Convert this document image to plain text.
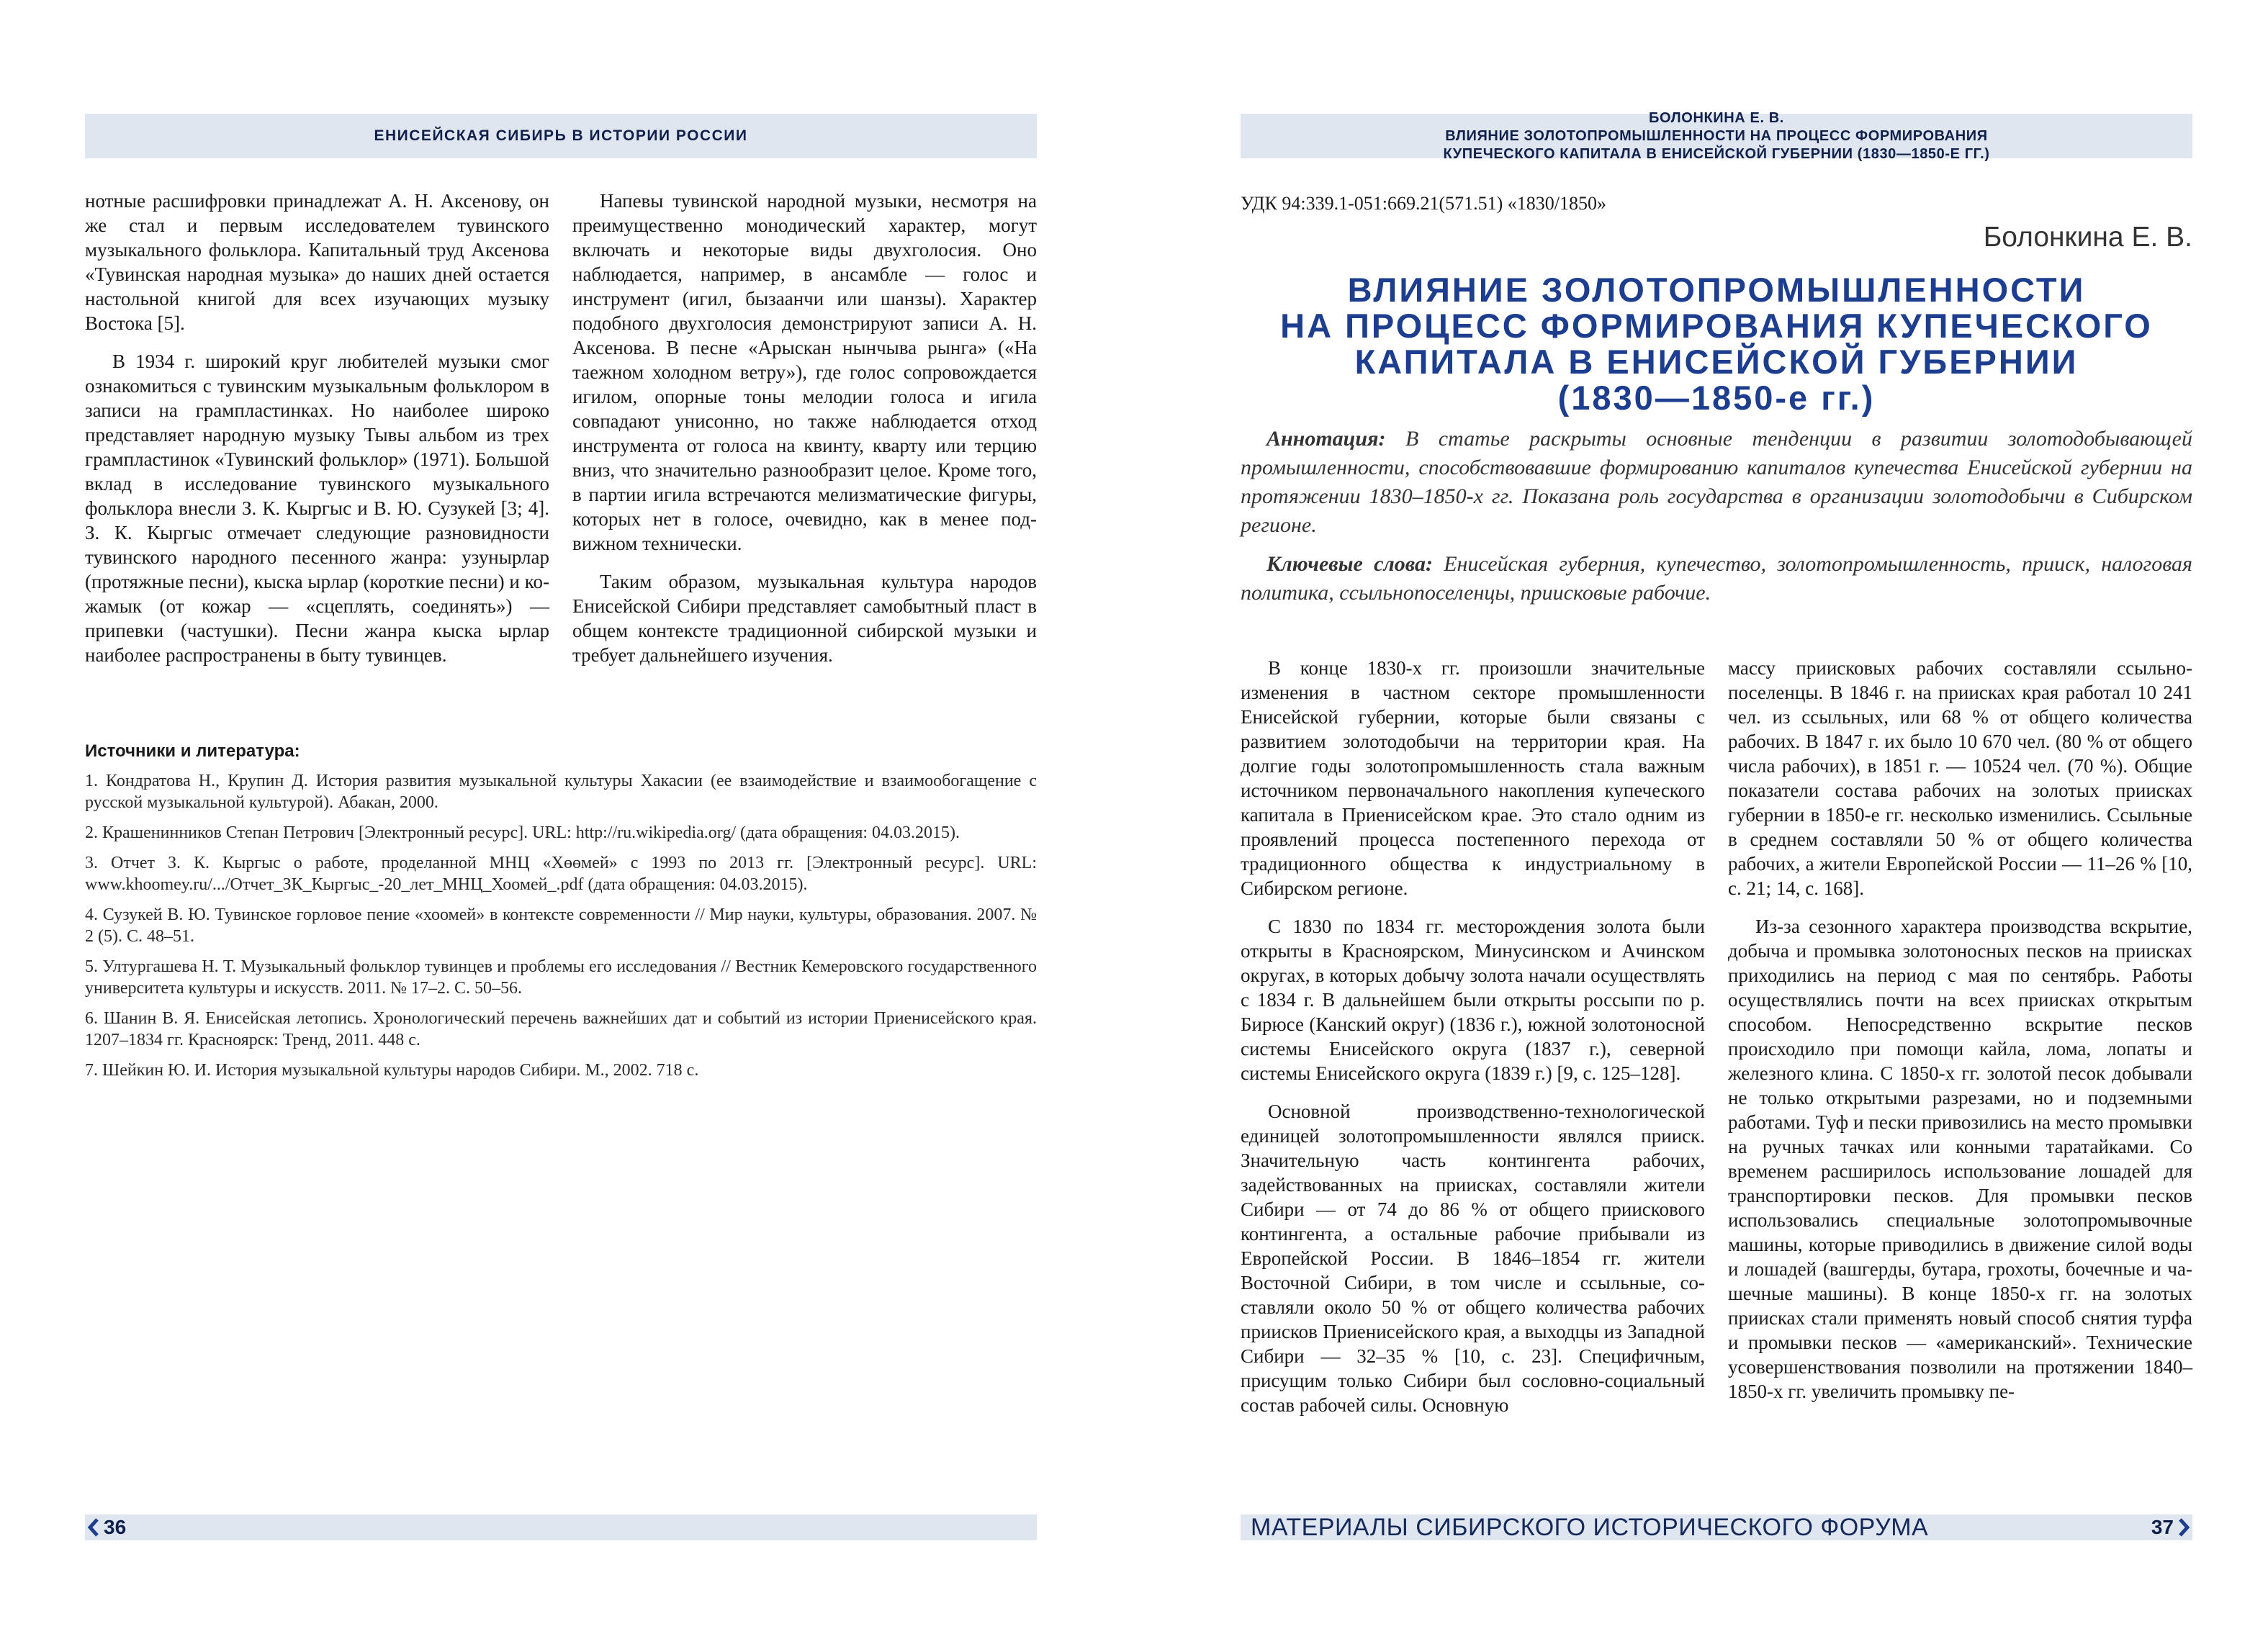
ЕНИСЕЙСКАЯ СИБИРЬ В ИСТОРИИ РОССИИ

нотные расшифровки принадлежат А. Н. Аксенову, он же стал и первым исследователем тувинского музыкального фольклора. Капитальный труд Аксенова «Тувинская народная музыка» до наших дней остается настольной книгой для всех изучающих музыку Востока [5].

В 1934 г. широкий круг любителей музыки смог ознакомиться с тувинским музыкальным фольклором в записи на грампластинках. Но наиболее широко представляет народную музыку Тывы альбом из трех грампластинок «Тувинский фольклор» (1971). Большой вклад в исследование тувинского музыкального фольклора внесли З. К. Кыргыс и В. Ю. Сузукей [3; 4]. З. К. Кыргыс отмечает следующие разновидности тувинского народного песенного жанра: узунырлар (протяжные песни), кыска ырлар (короткие песни) и кожамык (от кожар — «сцеплять, соединять») — припевки (частушки). Песни жанра кыска ырлар наиболее распространены в быту тувинцев.

Напевы тувинской народной музыки, несмотря на преимущественно монодический характер, могут включать и некоторые виды двухголосия. Оно наблюдается, например, в ансамбле — голос и инструмент (игил, бызаанчи или шанзы). Характер подобного двухголосия демонстрируют записи А. Н. Аксенова. В песне «Арыскан нынчыва рынга» («На таежном холодном ветру»), где голос сопровождается игилом, опорные тоны мелодии голоса и игила совпадают унисонно, но также наблюдается отход инструмента от голоса на квинту, кварту или терцию вниз, что значительно разнообразит целое. Кроме того, в партии игила встречаются мелизматические фигуры, которых нет в голосе, очевидно, как в менее подвижном технически.

Таким образом, музыкальная культура народов Енисейской Сибири представляет самобытный пласт в общем контексте традиционной сибирской музыки и требует дальнейшего изучения.

Источники и литература:
1. Кондратова Н., Крупин Д. История развития музыкальной культуры Хакасии (ее взаимодействие и взаимообогащение с русской музыкальной культурой). Абакан, 2000.
2. Крашенинников Степан Петрович [Электронный ресурс]. URL: http://ru.wikipedia.org/ (дата обращения: 04.03.2015).
3. Отчет З. К. Кыргыс о работе, проделанной МНЦ «Хөөмей» с 1993 по 2013 гг. [Электронный ресурс]. URL: www.khoomey.ru/.../Отчет_ЗК_Кыргыс_-20_лет_МНЦ_Хоомей_.pdf (дата обращения: 04.03.2015).
4. Сузукей В. Ю. Тувинское горловое пение «хоомей» в контексте современности // Мир науки, культуры, образования. 2007. № 2 (5). С. 48–51.
5. Ултургашева Н. Т. Музыкальный фольклор тувинцев и проблемы его исследования // Вестник Кемеровского государственного университета культуры и искусств. 2011. № 17–2. С. 50–56.
6. Шанин В. Я. Енисейская летопись. Хронологический перечень важнейших дат и событий из истории Приенисейского края. 1207–1834 гг. Красноярск: Тренд, 2011. 448 с.
7. Шейкин Ю. И. История музыкальной культуры народов Сибири. М., 2002. 718 с.
36
БОЛОНКИНА Е. В.
ВЛИЯНИЕ ЗОЛОТОПРОМЫШЛЕННОСТИ НА ПРОЦЕСС ФОРМИРОВАНИЯ
КУПЕЧЕСКОГО КАПИТАЛА В ЕНИСЕЙСКОЙ ГУБЕРНИИ (1830—1850-Е ГГ.)
УДК 94:339.1-051:669.21(571.51) «1830/1850»
Болонкина Е. В.
ВЛИЯНИЕ ЗОЛОТОПРОМЫШЛЕННОСТИ
НА ПРОЦЕСС ФОРМИРОВАНИЯ КУПЕЧЕСКОГО
КАПИТАЛА В ЕНИСЕЙСКОЙ ГУБЕРНИИ
(1830—1850-е гг.)

Аннотация: В статье раскрыты основные тенденции в развитии золотодобывающей промышленности, способствовавшие формированию капиталов купечества Енисейской губернии на протяжении 1830–1850-х гг. Показана роль государства в организации золотодобычи в Сибирском регионе.

Ключевые слова: Енисейская губерния, купечество, золотопромышленность, прииск, налоговая политика, ссыльнопоселенцы, приисковые рабочие.

В конце 1830-х гг. произошли значительные изменения в частном секторе промышленности Енисейской губернии, которые были связаны с развитием золотодобычи на территории края. На долгие годы золотопромышленность стала важным источником первоначального накопления купеческого капитала в Приенисейском крае. Это стало одним из проявлений процесса постепенного перехода от традиционного общества к индустриальному в Сибирском регионе.

С 1830 по 1834 гг. месторождения золота были открыты в Красноярском, Минусинском и Ачинском округах, в которых добычу золота начали осуществлять с 1834 г. В дальнейшем были открыты россыпи по р. Бирюсе (Канский округ) (1836 г.), южной золотоносной системы Енисейского округа (1837 г.), северной системы Енисейского округа (1839 г.) [9, с. 125–128].

Основной производственно-технологической единицей золотопромышленности являлся прииск. Значительную часть контингента рабочих, задействованных на приисках, составляли жители Сибири — от 74 до 86 % от общего приискового контингента, а остальные рабочие прибывали из Европейской России. В 1846–1854 гг. жители Восточной Сибири, в том числе и ссыльные, составляли около 50 % от общего количества рабочих приисков Приенисейского края, а выходцы из Западной Сибири — 32–35 % [10, с. 23]. Специфичным, присущим только Сибири был сословно-социальный состав рабочей силы. Основную

массу приисковых рабочих составляли ссыльнопоселенцы. В 1846 г. на приисках края работал 10 241 чел. из ссыльных, или 68 % от общего количества рабочих. В 1847 г. их было 10 670 чел. (80 % от общего числа рабочих), в 1851 г. — 10524 чел. (70 %). Общие показатели состава рабочих на золотых приисках губернии в 1850-е гг. несколько изменились. Ссыльные в среднем составляли 50 % от общего количества рабочих, а жители Европейской России — 11–26 % [10, с. 21; 14, с. 168].

Из-за сезонного характера производства вскрытие, добыча и промывка золотоносных песков на приисках приходились на период с мая по сентябрь. Работы осуществлялись почти на всех приисках открытым способом. Непосредственно вскрытие песков происходило при помощи кайла, лома, лопаты и железного клина. С 1850-х гг. золотой песок добывали не только открытыми разрезами, но и подземными работами. Туф и пески привозились на место промывки на ручных тачках или конными таратайками. Со временем расширилось использование лошадей для транспортировки песков. Для промывки песков использовались специальные золотопромывочные машины, которые приводились в движение силой воды и лошадей (вашгерды, бутара, грохоты, бочечные и чашечные машины). В конце 1850-х гг. на золотых приисках стали применять новый способ снятия турфа и промывки песков — «американский». Технические усовершенствования позволили на протяжении 1840–1850-х гг. увеличить промывку пе-

МАТЕРИАЛЫ СИБИРСКОГО ИСТОРИЧЕСКОГО ФОРУМА	37
